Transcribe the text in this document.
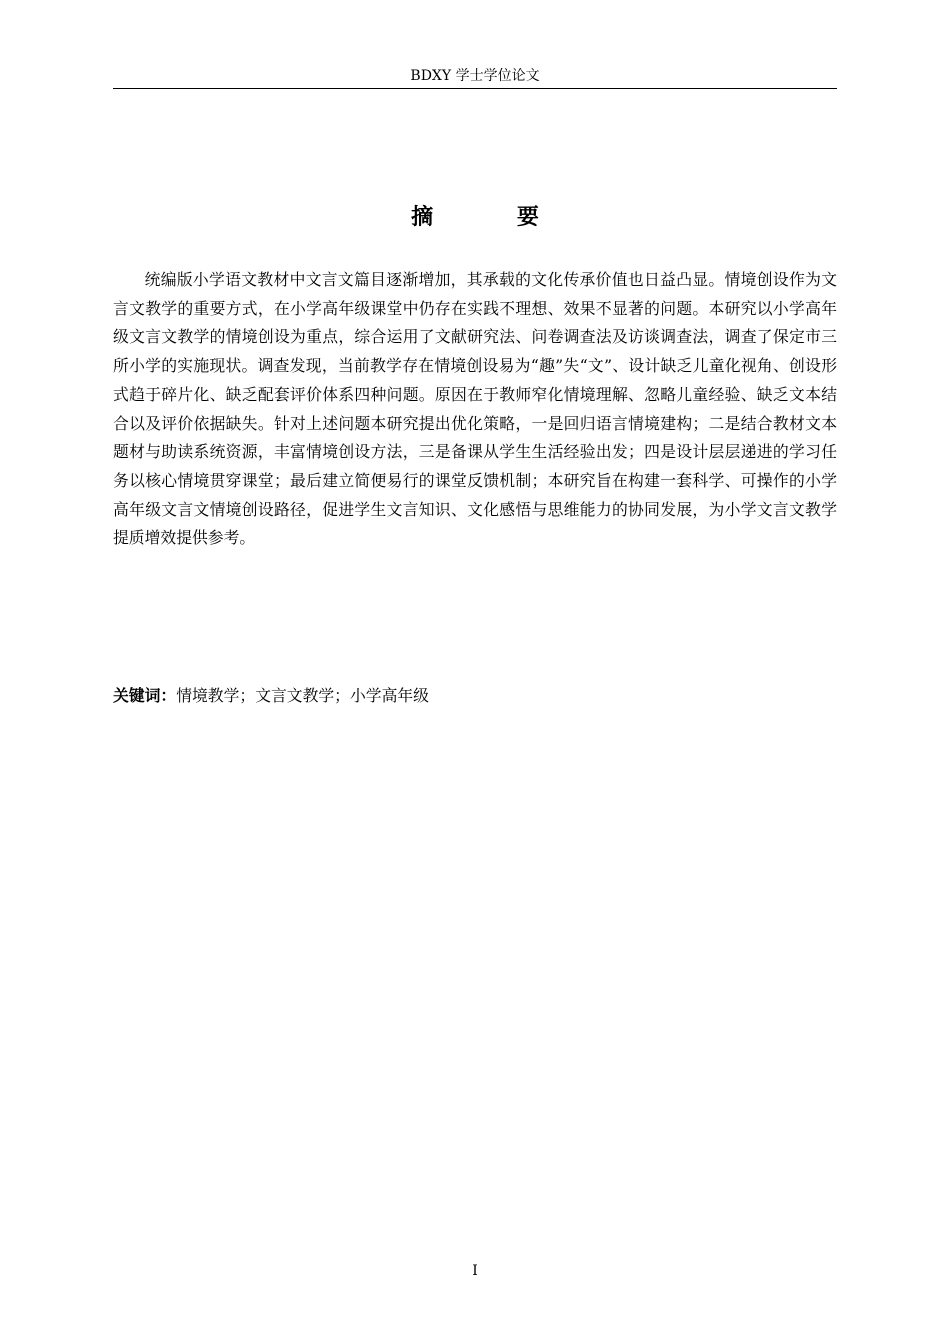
BDXY 学士学位论文
摘 要

统编版小学语文教材中文言文篇目逐渐增加，其承载的文化传承价值也日益凸显。情境创设作为文言文教学的重要方式，在小学高年级课堂中仍存在实践不理想、效果不显著的问题。本研究以小学高年级文言文教学的情境创设为重点，综合运用了文献研究法、问卷调查法及访谈调查法，调查了保定市三所小学的实施现状。调查发现，当前教学存在情境创设易为“趣”失“文”、设计缺乏儿童化视角、创设形式趋于碎片化、缺乏配套评价体系四种问题。原因在于教师窄化情境理解、忽略儿童经验、缺乏文本结合以及评价依据缺失。针对上述问题本研究提出优化策略，一是回归语言情境建构；二是结合教材文本题材与助读系统资源，丰富情境创设方法，三是备课从学生生活经验出发；四是设计层层递进的学习任务以核心情境贯穿课堂；最后建立简便易行的课堂反馈机制；本研究旨在构建一套科学、可操作的小学高年级文言文情境创设路径，促进学生文言知识、文化感悟与思维能力的协同发展，为小学文言文教学提质增效提供参考。

关键词：情境教学；文言文教学；小学高年级

I
